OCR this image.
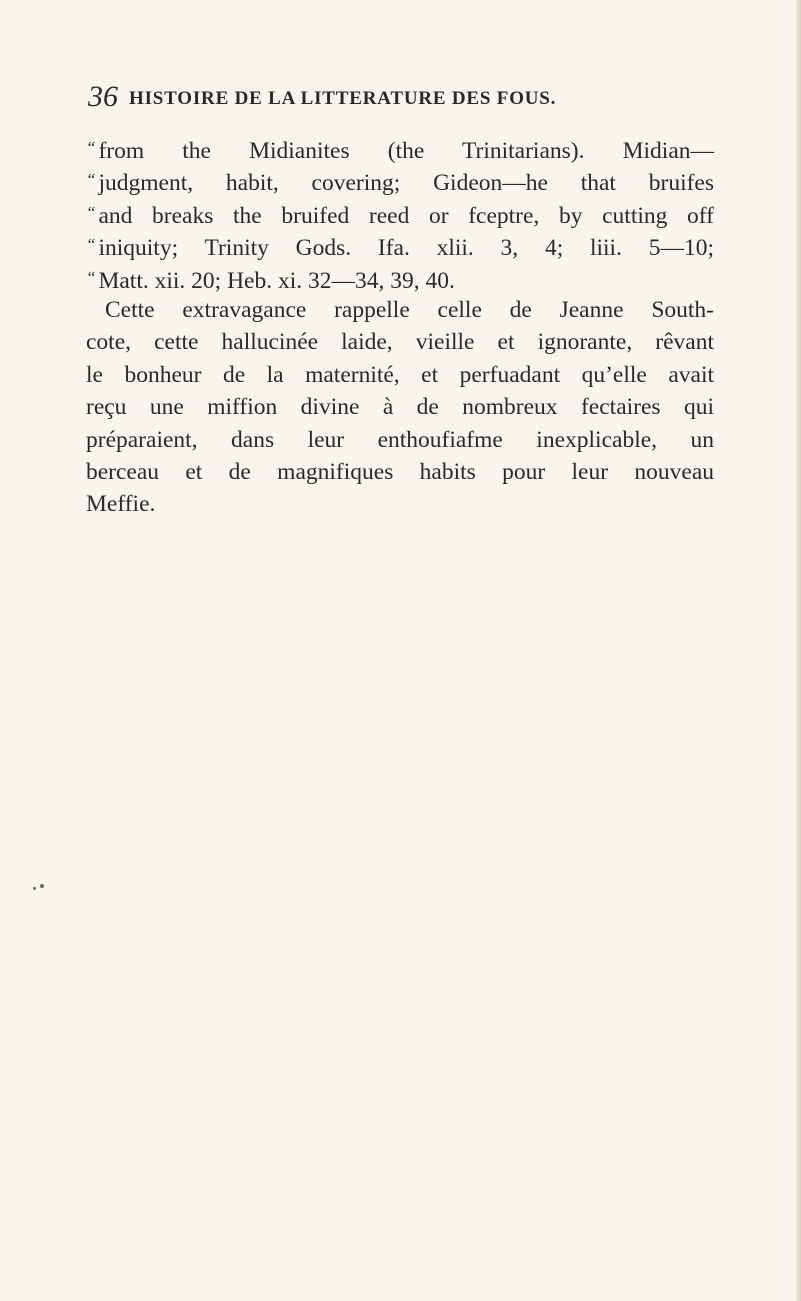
36 HISTOIRE DE LA LITTERATURE DES FOUS.
“ from the Midianites (the Trinitarians). Midian—
“ judgment, habit, covering; Gideon—he that bruifes
“ and breaks the bruifed reed or fceptre, by cutting off
“ iniquity; Trinity Gods. Ifa. xlii. 3, 4; liii. 5—10;
“ Matt. xii. 20; Heb. xi. 32—34, 39, 40.
Cette extravagance rappelle celle de Jeanne South-
cote, cette hallucinée laide, vieille et ignorante, rêvant
le bonheur de la maternité, et perfuadant qu’elle avait
reçu une miffion divine à de nombreux fectaires qui
préparaient, dans leur enthoufiafme inexplicable, un
berceau et de magnifiques habits pour leur nouveau
Meffie.
